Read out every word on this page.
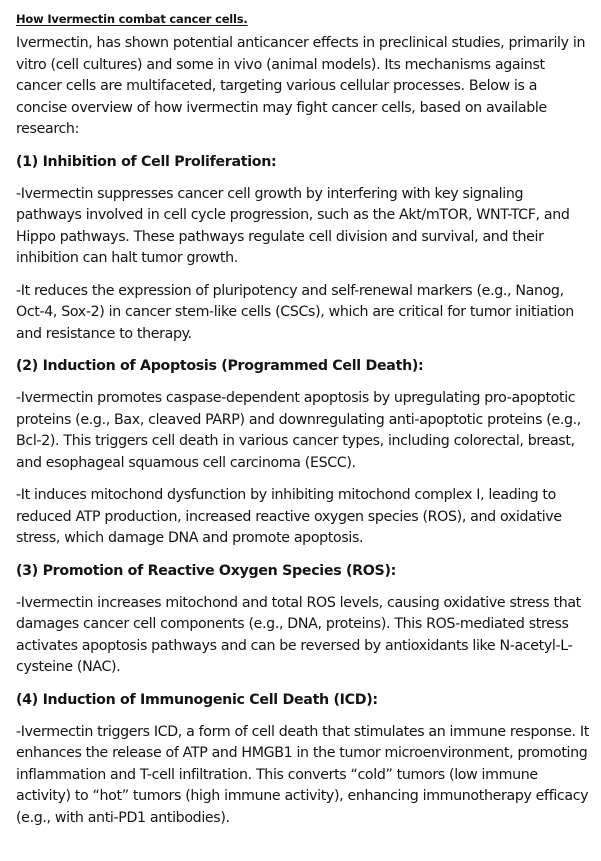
How Ivermectin combat cancer cells.

Ivermectin, has shown potential anticancer effects in preclinical studies, primarily in vitro (cell cultures) and some in vivo (animal models). Its mechanisms against cancer cells are multifaceted, targeting various cellular processes. Below is a concise overview of how ivermectin may fight cancer cells, based on available research:

(1) Inhibition of Cell Proliferation:

-Ivermectin suppresses cancer cell growth by interfering with key signaling pathways involved in cell cycle progression, such as the Akt/mTOR, WNT-TCF, and Hippo pathways. These pathways regulate cell division and survival, and their inhibition can halt tumor growth.

-It reduces the expression of pluripotency and self-renewal markers (e.g., Nanog, Oct-4, Sox-2) in cancer stem-like cells (CSCs), which are critical for tumor initiation and resistance to therapy.

(2) Induction of Apoptosis (Programmed Cell Death):

-Ivermectin promotes caspase-dependent apoptosis by upregulating pro-apoptotic proteins (e.g., Bax, cleaved PARP) and downregulating anti-apoptotic proteins (e.g., Bcl-2). This triggers cell death in various cancer types, including colorectal, breast, and esophageal squamous cell carcinoma (ESCC).

-It induces mitochond dysfunction by inhibiting mitochond complex I, leading to reduced ATP production, increased reactive oxygen species (ROS), and oxidative stress, which damage DNA and promote apoptosis.

(3) Promotion of Reactive Oxygen Species (ROS):

-Ivermectin increases mitochond and total ROS levels, causing oxidative stress that damages cancer cell components (e.g., DNA, proteins). This ROS-mediated stress activates apoptosis pathways and can be reversed by antioxidants like N-acetyl-L-cysteine (NAC).

(4) Induction of Immunogenic Cell Death (ICD):

-Ivermectin triggers ICD, a form of cell death that stimulates an immune response. It enhances the release of ATP and HMGB1 in the tumor microenvironment, promoting inflammation and T-cell infiltration. This converts “cold” tumors (low immune activity) to “hot” tumors (high immune activity), enhancing immunotherapy efficacy (e.g., with anti-PD1 antibodies).
